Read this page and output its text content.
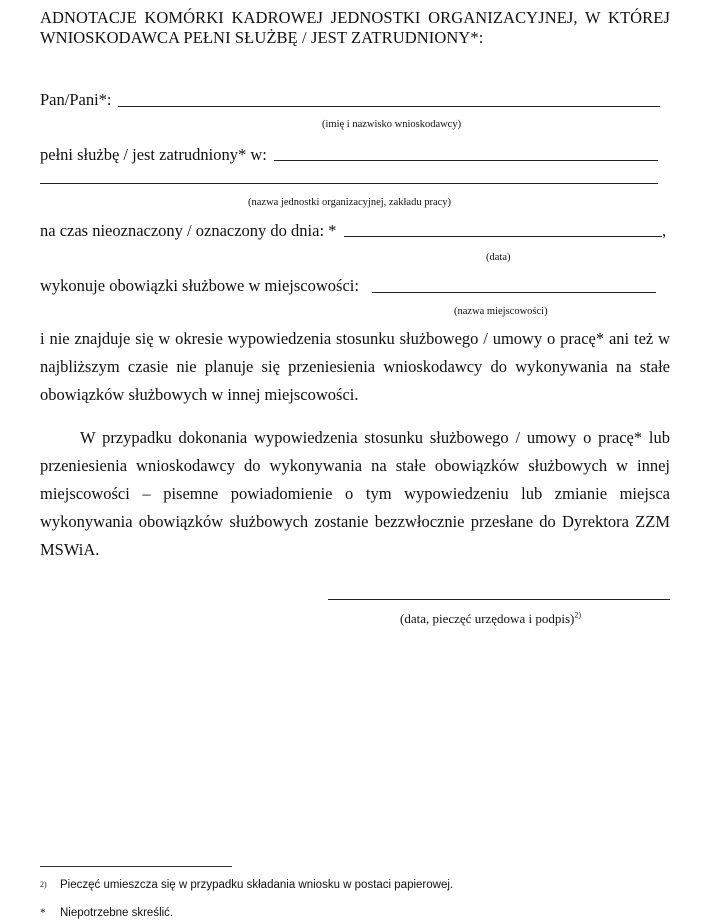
ADNOTACJE KOMÓRKI KADROWEJ JEDNOSTKI ORGANIZACYJNEJ, W KTÓREJ
WNIOSKODAWCA PEŁNI SŁUŻBĘ / JEST ZATRUDNIONY*:
Pan/Pani*:
(imię i nazwisko wnioskodawcy)
pełni służbę / jest zatrudniony* w:
(nazwa jednostki organizacyjnej, zakładu pracy)
na czas nieoznaczony / oznaczony do dnia: *	,
(data)
wykonuje obowiązki służbowe w miejscowości:
(nazwa miejscowości)
i nie znajduje się w okresie wypowiedzenia stosunku służbowego / umowy o pracę* ani też w najbliższym czasie nie planuje się przeniesienia wnioskodawcy do wykonywania na stałe obowiązków służbowych w innej miejscowości.
W przypadku dokonania wypowiedzenia stosunku służbowego / umowy o pracę* lub przeniesienia wnioskodawcy do wykonywania na stałe obowiązków służbowych w innej miejscowości – pisemne powiadomienie o tym wypowiedzeniu lub zmianie miejsca wykonywania obowiązków służbowych zostanie bezzwłocznie przesłane do Dyrektora ZZM MSWiA.
(data, pieczęć urzędowa i podpis)$^{2)}$
2) Pieczęć umieszcza się w przypadku składania wniosku w postaci papierowej.
* Niepotrzebne skreślić.
